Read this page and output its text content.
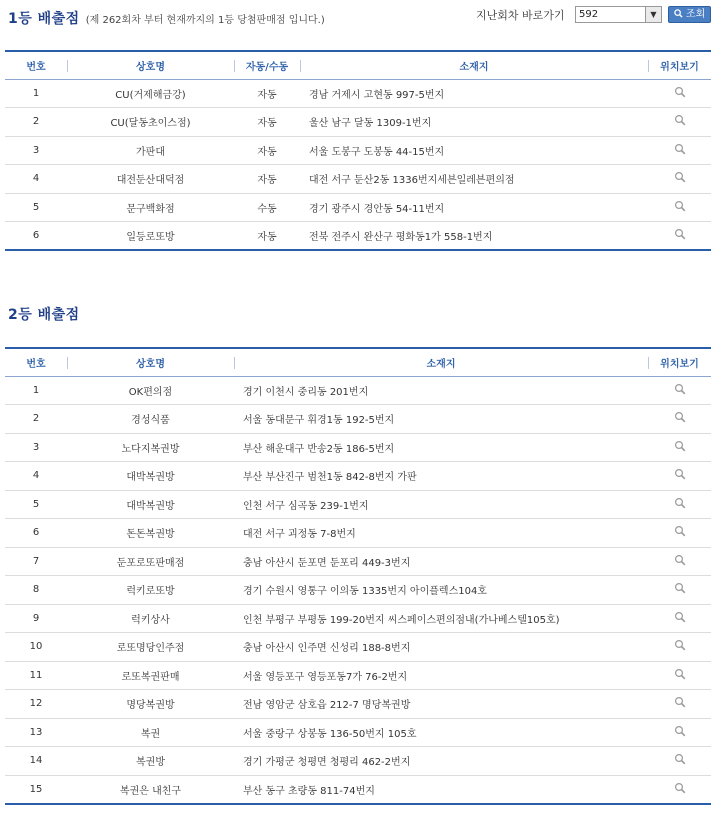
1등 배출점 (제 262회차 부터 현재까지의 1등 당첨판매점 입니다.)	지난회차 바로가기	592	▼	조회
번호	상호명	자동/수동	소재지	위치보기
1	CU(거제해금강)	자동	경남 거제시 고현동 997-5번지	
2	CU(달동초이스점)	자동	울산 남구 달동 1309-1번지	
3	가판대	자동	서울 도봉구 도봉동 44-15번지	
4	대전둔산대덕점	자동	대전 서구 둔산2동 1336번지세븐일레븐편의점	
5	문구백화점	수동	경기 광주시 경안동 54-11번지	
6	일등로또방	자동	전북 전주시 완산구 평화동1가 558-1번지	
2등 배출점
번호	상호명	소재지	위치보기
1	OK편의점	경기 이천시 중리동 201번지	
2	경성식품	서울 동대문구 휘경1동 192-5번지	
3	노다지복권방	부산 해운대구 반송2동 186-5번지	
4	대박복권방	부산 부산진구 범천1동 842-8번지 가판	
5	대박복권방	인천 서구 심곡동 239-1번지	
6	돈돈복권방	대전 서구 괴정동 7-8번지	
7	둔포로또판매점	충남 아산시 둔포면 둔포리 449-3번지	
8	럭키로또방	경기 수원시 영통구 이의동 1335번지 아이플렉스104호	
9	럭키상사	인천 부평구 부평동 199-20번지 씨스페이스편의점내(가나베스텔105호)	
10	로또명당인주점	충남 아산시 인주면 신성리 188-8번지	
11	로또복권판매	서울 영등포구 영등포동7가 76-2번지	
12	명당복권방	전남 영암군 삼호읍 212-7 명당복권방	
13	복권	서울 중랑구 상봉동 136-50번지 105호	
14	복권방	경기 가평군 청평면 청평리 462-2번지	
15	복권은 내친구	부산 동구 초량동 811-74번지	
